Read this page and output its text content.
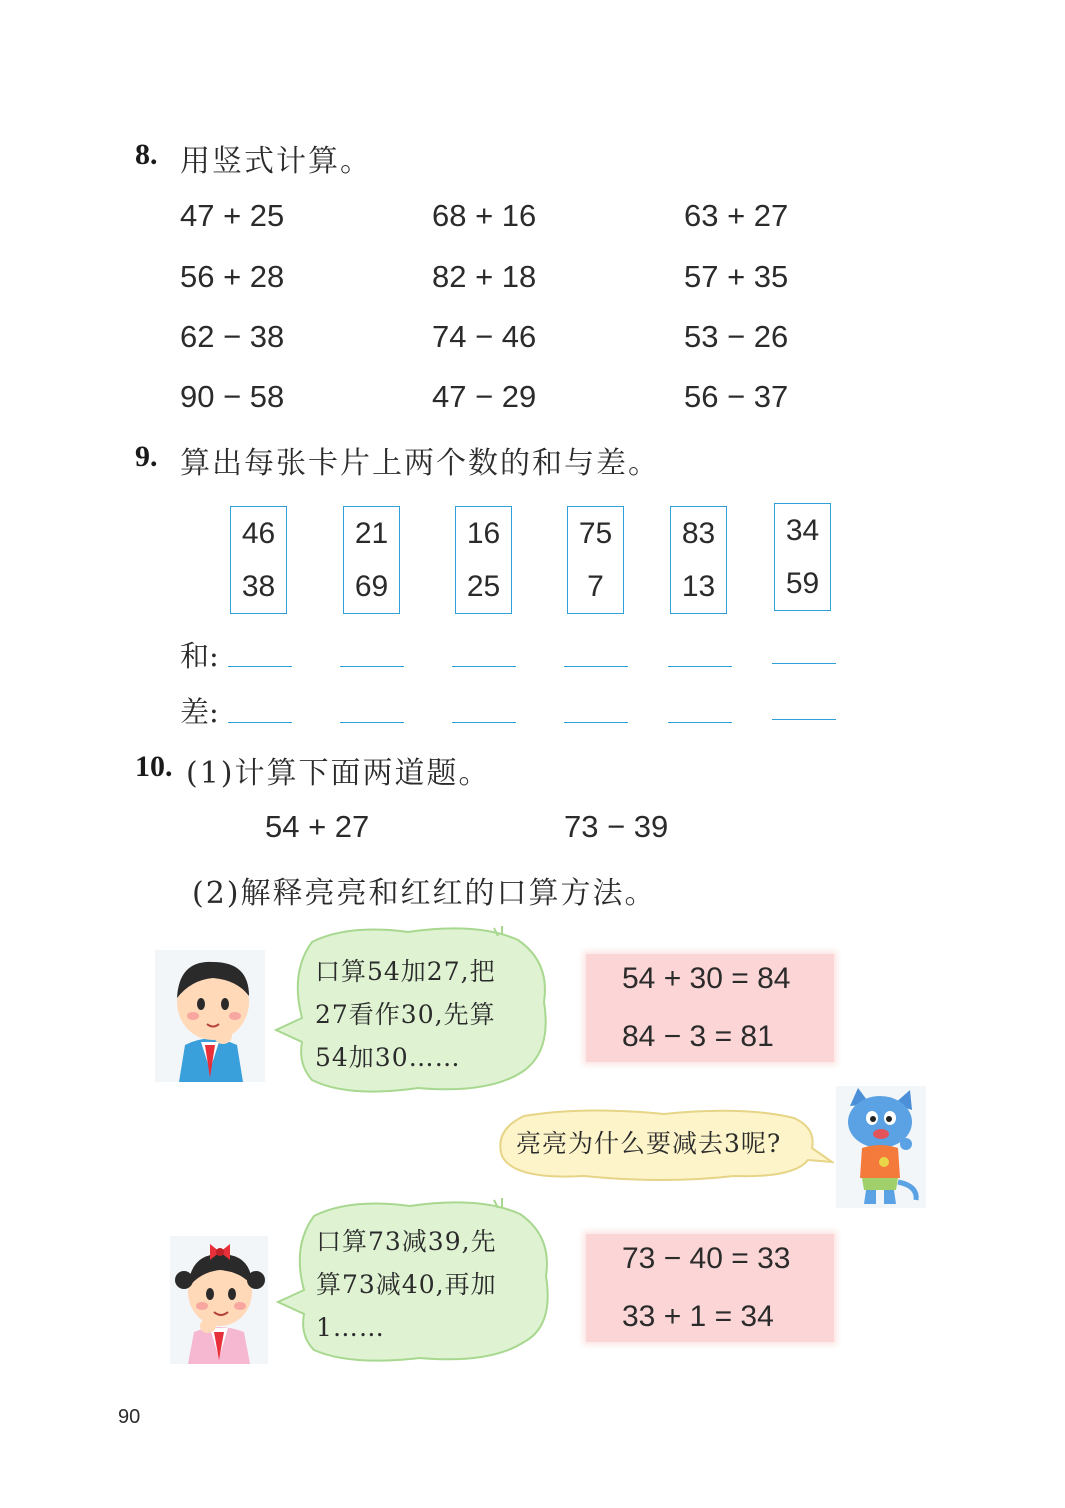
8. 用竖式计算。
47 + 25	68 + 16	63 + 27
56 + 28	82 + 18	57 + 35
62 − 38	74 − 46	53 − 26
90 − 58	47 − 29	56 − 37
9. 算出每张卡片上两个数的和与差。
46
38
21
69
16
25
75
7
83
13
34
59
和:
差:
10. (1)计算下面两道题。
54 + 27	73 − 39
(2)解释亮亮和红红的口算方法。
口算54加27,把
27看作30,先算
54加30……
54 + 30 = 84
84 − 3 = 81
亮亮为什么要减去3呢?
口算73减39,先
算73减40,再加
1……
73 − 40 = 33
33 + 1 = 34
90
